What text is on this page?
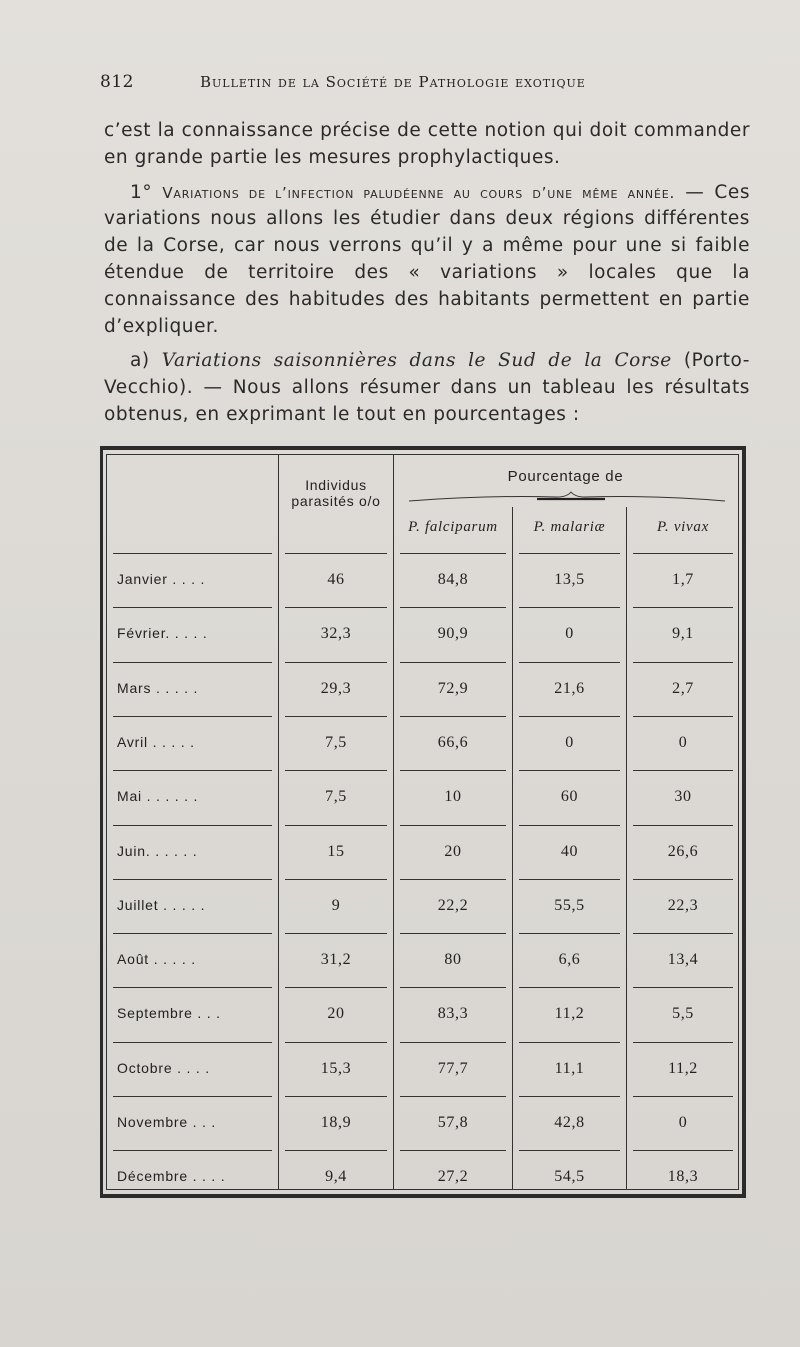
812	Bulletin de la Société de Pathologie exotique

c’est la connaissance précise de cette notion qui doit commander en grande partie les mesures prophylactiques.

1° Variations de l’infection paludéenne au cours d’une même année. — Ces variations nous allons les étudier dans deux régions différentes de la Corse, car nous verrons qu’il y a même pour une si faible étendue de territoire des « variations » locales que la connaissance des habitudes des habitants permettent en partie d’expliquer.

a) Variations saisonnières dans le Sud de la Corse (Porto-Vecchio). — Nous allons résumer dans un tableau les résultats obtenus, en exprimant le tout en pourcentages :

Individus parasités o/o
Pourcentage de
P. falciparum	P. malariæ	P. vivax
Janvier . . . .	46	84,8	13,5	1,7
Février. . . . .	32,3	90,9	0	9,1
Mars . . . . .	29,3	72,9	21,6	2,7
Avril . . . . .	7,5	66,6	0	0
Mai . . . . . .	7,5	10	60	30
Juin. . . . . .	15	20	40	26,6
Juillet . . . . .	9	22,2	55,5	22,3
Août . . . . .	31,2	80	6,6	13,4
Septembre . . .	20	83,3	11,2	5,5
Octobre . . . .	15,3	77,7	11,1	11,2
Novembre . . .	18,9	57,8	42,8	0
Décembre . . . .	9,4	27,2	54,5	18,3
